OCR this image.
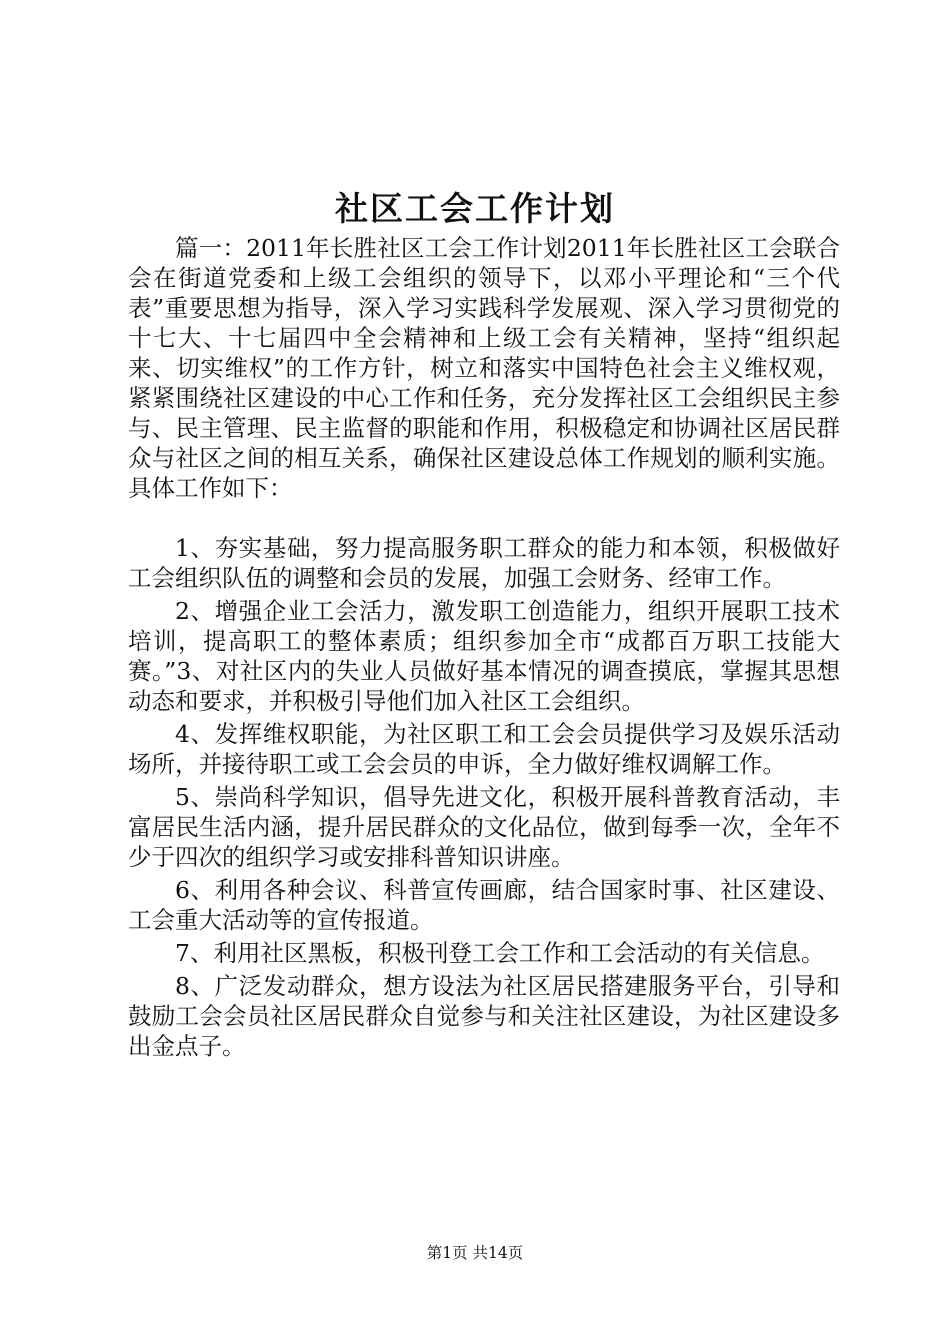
社区工会工作计划

篇一：2011年长胜社区工会工作计划2011年长胜社区工会联合会在街道党委和上级工会组织的领导下，以邓小平理论和“三个代表”重要思想为指导，深入学习实践科学发展观、深入学习贯彻党的十七大、十七届四中全会精神和上级工会有关精神，坚持“组织起来、切实维权”的工作方针，树立和落实中国特色社会主义维权观，紧紧围绕社区建设的中心工作和任务，充分发挥社区工会组织民主参与、民主管理、民主监督的职能和作用，积极稳定和协调社区居民群众与社区之间的相互关系，确保社区建设总体工作规划的顺利实施。具体工作如下：

1、夯实基础，努力提高服务职工群众的能力和本领，积极做好工会组织队伍的调整和会员的发展，加强工会财务、经审工作。

2、增强企业工会活力，激发职工创造能力，组织开展职工技术培训，提高职工的整体素质；组织参加全市“成都百万职工技能大赛。”3、对社区内的失业人员做好基本情况的调查摸底，掌握其思想动态和要求，并积极引导他们加入社区工会组织。

4、发挥维权职能，为社区职工和工会会员提供学习及娱乐活动场所，并接待职工或工会会员的申诉，全力做好维权调解工作。

5、崇尚科学知识，倡导先进文化，积极开展科普教育活动，丰富居民生活内涵，提升居民群众的文化品位，做到每季一次，全年不少于四次的组织学习或安排科普知识讲座。

6、利用各种会议、科普宣传画廊，结合国家时事、社区建设、工会重大活动等的宣传报道。

7、利用社区黑板，积极刊登工会工作和工会活动的有关信息。

8、广泛发动群众，想方设法为社区居民搭建服务平台，引导和鼓励工会会员社区居民群众自觉参与和关注社区建设，为社区建设多出金点子。

第1页 共14页
